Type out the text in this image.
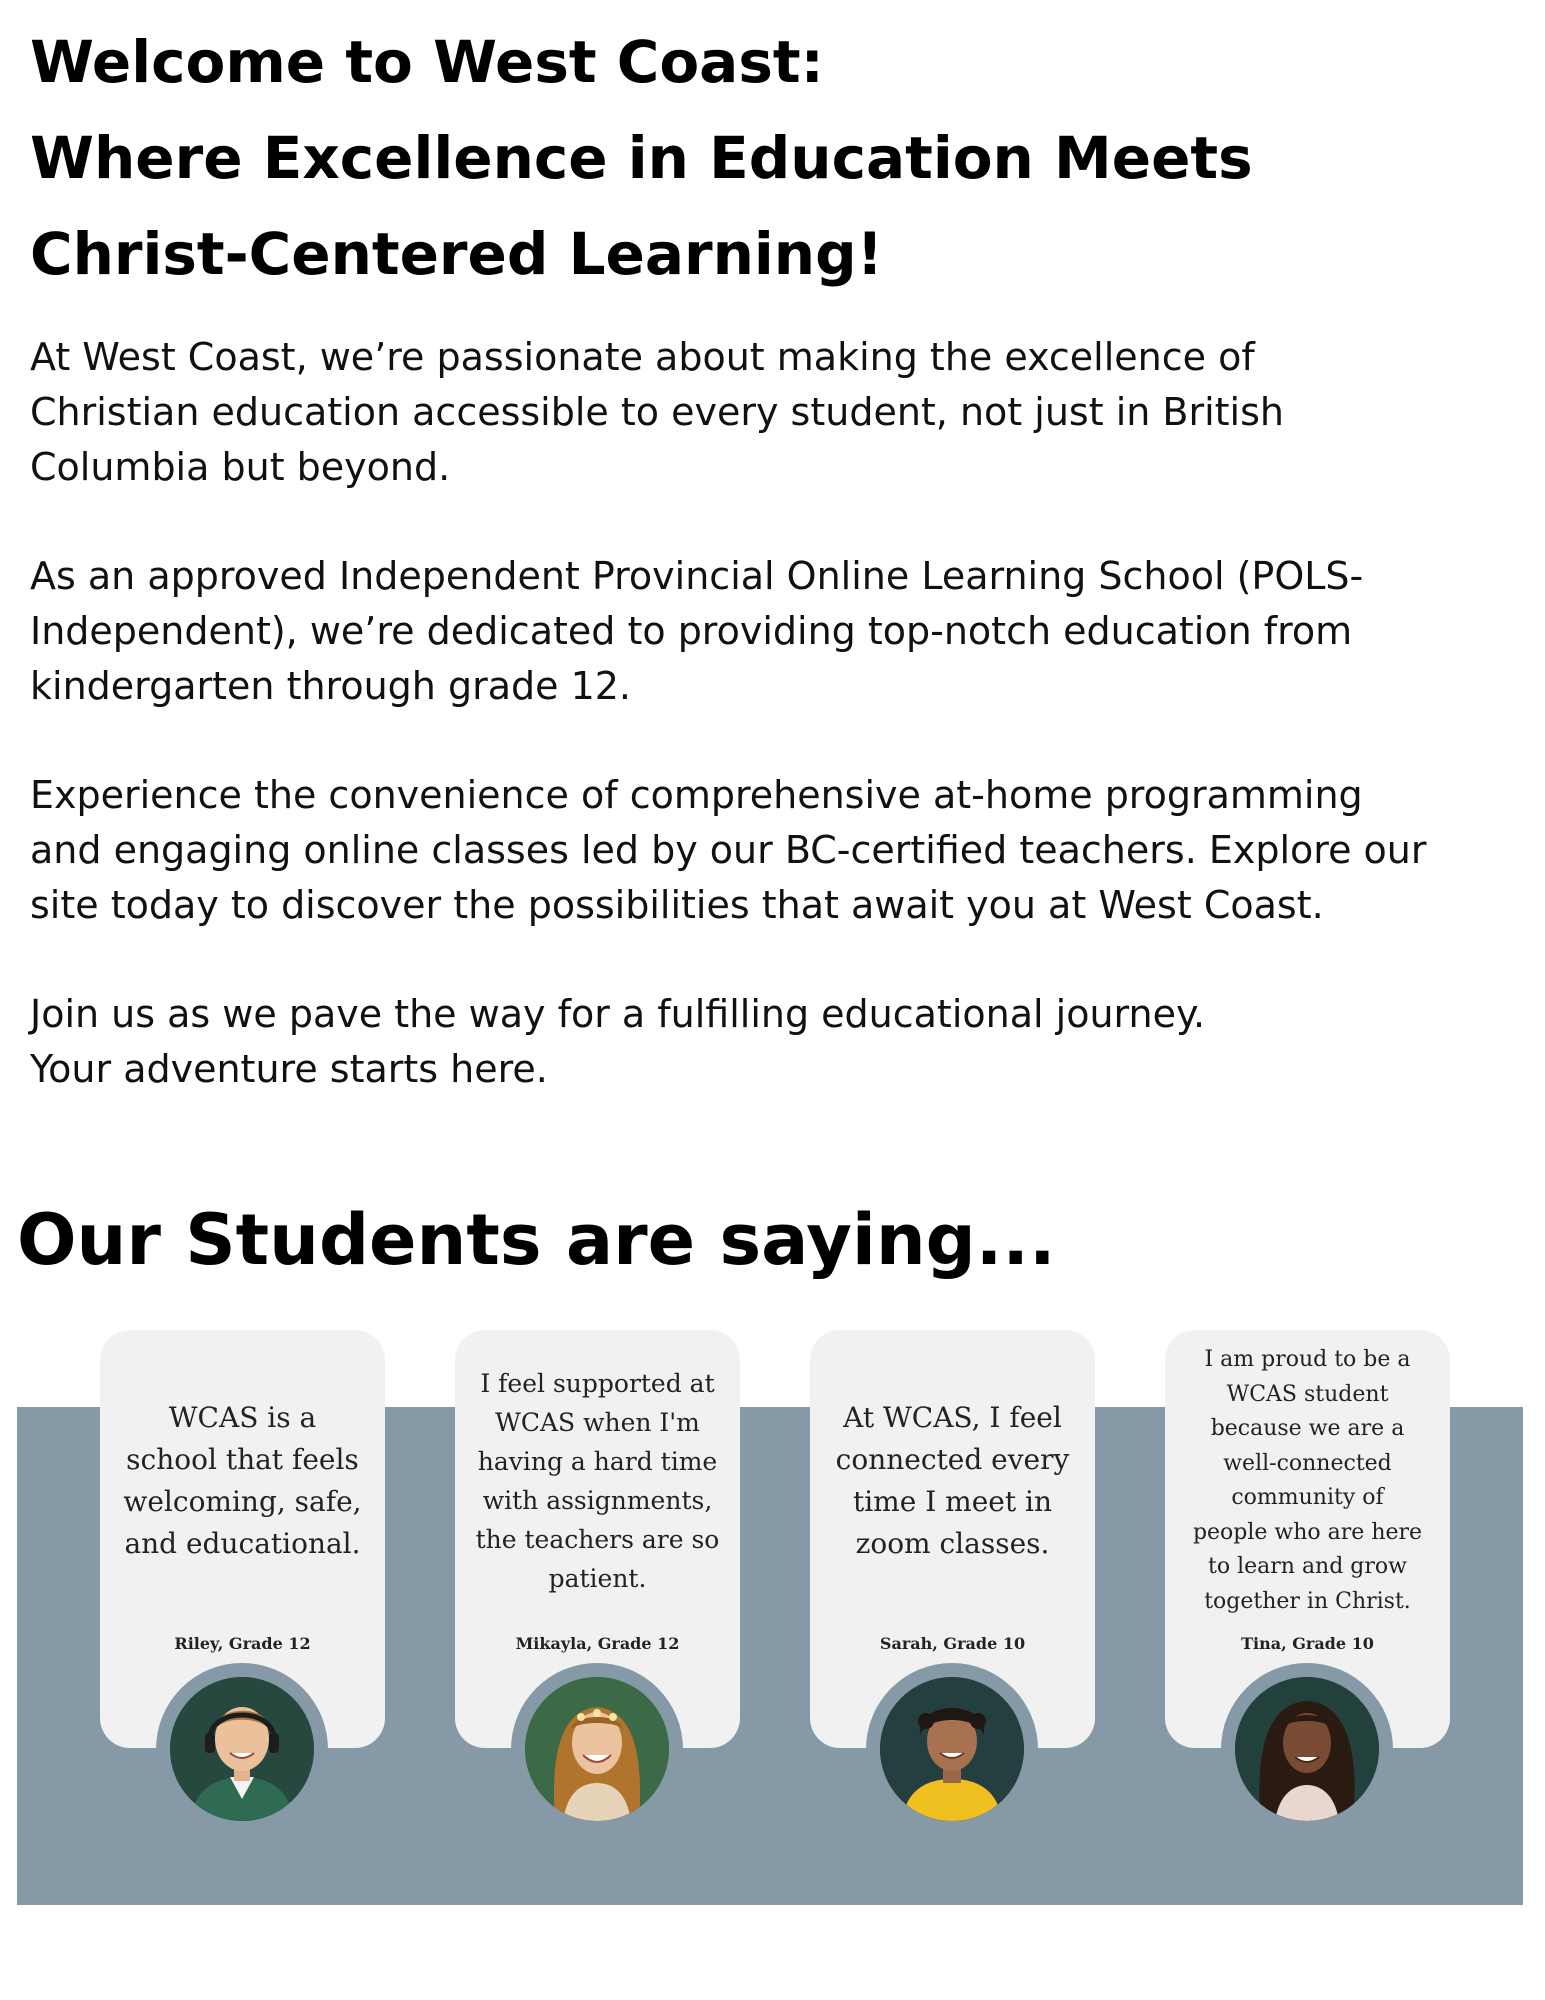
Welcome to West Coast:
Where Excellence in Education Meets
Christ-Centered Learning!

At West Coast, we’re passionate about making the excellence of
Christian education accessible to every student, not just in British
Columbia but beyond.

As an approved Independent Provincial Online Learning School (POLS-
Independent), we’re dedicated to providing top-notch education from
kindergarten through grade 12.

Experience the convenience of comprehensive at-home programming
and engaging online classes led by our BC-certified teachers. Explore our
site today to discover the possibilities that await you at West Coast.

Join us as we pave the way for a fulfilling educational journey.
Your adventure starts here.

Our Students are saying...
WCAS is a
school that feels
welcoming, safe,
and educational.
Riley, Grade 12
I feel supported at
WCAS when I'm
having a hard time
with assignments,
the teachers are so
patient.
Mikayla, Grade 12
At WCAS, I feel
connected every
time I meet in
zoom classes.
Sarah, Grade 10
I am proud to be a
WCAS student
because we are a
well-connected
community of
people who are here
to learn and grow
together in Christ.
Tina, Grade 10
